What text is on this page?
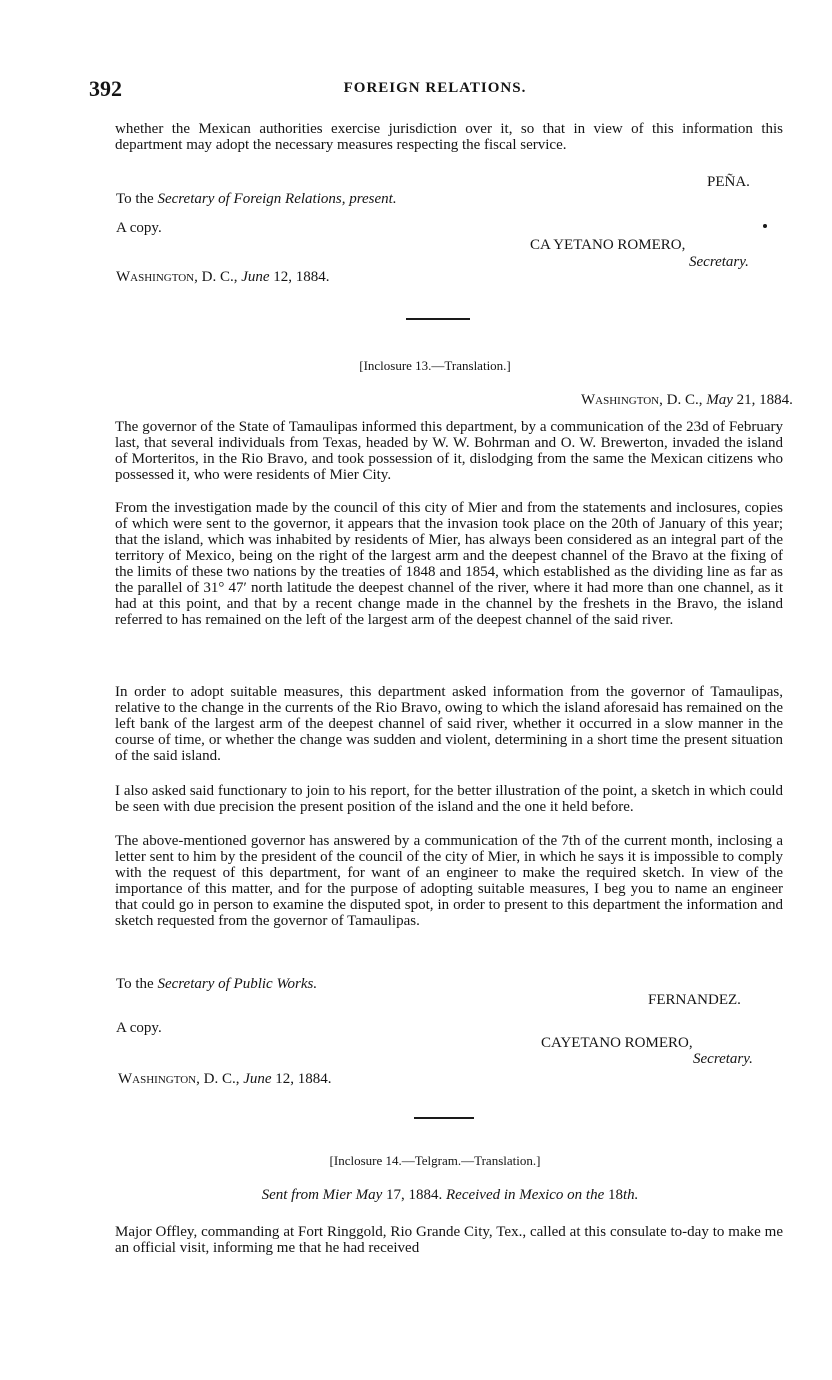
392	FOREIGN RELATIONS.
whether the Mexican authorities exercise jurisdiction over it, so that in view of this information this department may adopt the necessary measures respecting the fiscal service.
PEÑA.
To the Secretary of Foreign Relations, present.
A copy.
CA YETANO ROMERO,
Secretary.
Washington, D. C., June 12, 1884.
[Inclosure 13.—Translation.]
Washington, D. C., May 21, 1884.
The governor of the State of Tamaulipas informed this department, by a communication of the 23d of February last, that several individuals from Texas, headed by W. W. Bohrman and O. W. Brewerton, invaded the island of Morteritos, in the Rio Bravo, and took possession of it, dislodging from the same the Mexican citizens who possessed it, who were residents of Mier City.
From the investigation made by the council of this city of Mier and from the statements and inclosures, copies of which were sent to the governor, it appears that the invasion took place on the 20th of January of this year; that the island, which was inhabited by residents of Mier, has always been considered as an integral part of the territory of Mexico, being on the right of the largest arm and the deepest channel of the Bravo at the fixing of the limits of these two nations by the treaties of 1848 and 1854, which established as the dividing line as far as the parallel of 31° 47′ north latitude the deepest channel of the river, where it had more than one channel, as it had at this point, and that by a recent change made in the channel by the freshets in the Bravo, the island referred to has remained on the left of the largest arm of the deepest channel of the said river.
In order to adopt suitable measures, this department asked information from the governor of Tamaulipas, relative to the change in the currents of the Rio Bravo, owing to which the island aforesaid has remained on the left bank of the largest arm of the deepest channel of said river, whether it occurred in a slow manner in the course of time, or whether the change was sudden and violent, determining in a short time the present situation of the said island.
I also asked said functionary to join to his report, for the better illustration of the point, a sketch in which could be seen with due precision the present position of the island and the one it held before.
The above-mentioned governor has answered by a communication of the 7th of the current month, inclosing a letter sent to him by the president of the council of the city of Mier, in which he says it is impossible to comply with the request of this department, for want of an engineer to make the required sketch. In view of the importance of this matter, and for the purpose of adopting suitable measures, I beg you to name an engineer that could go in person to examine the disputed spot, in order to present to this department the information and sketch requested from the governor of Tamaulipas.
To the Secretary of Public Works.
FERNANDEZ.
A copy.
CAYETANO ROMERO,
Secretary.
Washington, D. C., June 12, 1884.
[Inclosure 14.—Telgram.—Translation.]
Sent from Mier May 17, 1884. Received in Mexico on the 18th.
Major Offley, commanding at Fort Ringgold, Rio Grande City, Tex., called at this consulate to-day to make me an official visit, informing me that he had received
